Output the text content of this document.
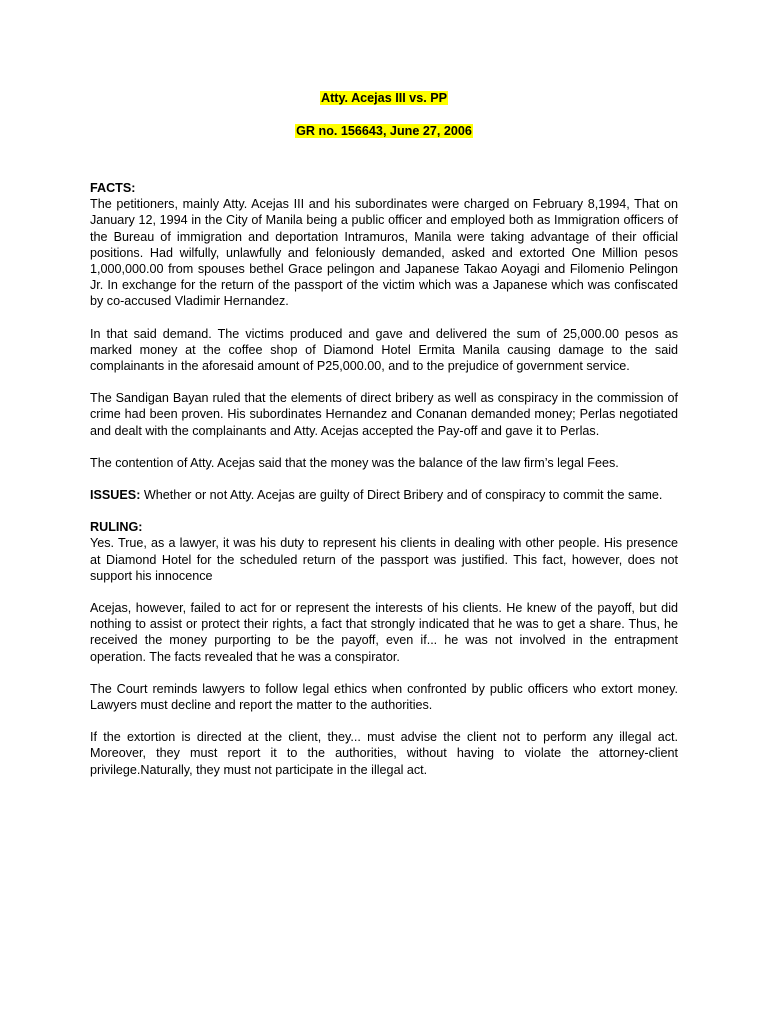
Atty. Acejas III vs. PP
GR no. 156643, June 27, 2006
FACTS:

The petitioners, mainly Atty. Acejas III and his subordinates were charged on February 8,1994, That on January 12, 1994 in the City of Manila being a public officer and employed both as Immigration officers of the Bureau of immigration and deportation Intramuros, Manila were taking advantage of their official positions. Had wilfully, unlawfully and feloniously demanded, asked and extorted One Million pesos 1,000,000.00 from spouses bethel Grace pelingon and Japanese Takao Aoyagi and Filomenio Pelingon Jr. In exchange for the return of the passport of the victim which was a Japanese which was confiscated by co-accused Vladimir Hernandez.

In that said demand. The victims produced and gave and delivered the sum of 25,000.00 pesos as marked money at the coffee shop of Diamond Hotel Ermita Manila causing damage to the said complainants in the aforesaid amount of P25,000.00, and to the prejudice of government service.

The Sandigan Bayan ruled that the elements of direct bribery as well as conspiracy in the commission of crime had been proven. His subordinates Hernandez and Conanan demanded money; Perlas negotiated and dealt with the complainants and Atty. Acejas accepted the Pay-off and gave it to Perlas.

The contention of Atty. Acejas said that the money was the balance of the law firm’s legal Fees.

ISSUES: Whether or not Atty. Acejas are guilty of Direct Bribery and of conspiracy to commit the same.

RULING:

Yes. True, as a lawyer, it was his duty to represent his clients in dealing with other people. His presence at Diamond Hotel for the scheduled return of the passport was justified. This fact, however, does not support his innocence

Acejas, however, failed to act for or represent the interests of his clients. He knew of the payoff, but did nothing to assist or protect their rights, a fact that strongly indicated that he was to get a share. Thus, he received the money purporting to be the payoff, even if... he was not involved in the entrapment operation. The facts revealed that he was a conspirator.

The Court reminds lawyers to follow legal ethics when confronted by public officers who extort money. Lawyers must decline and report the matter to the authorities.

If the extortion is directed at the client, they... must advise the client not to perform any illegal act. Moreover, they must report it to the authorities, without having to violate the attorney-client privilege.Naturally, they must not participate in the illegal act.
